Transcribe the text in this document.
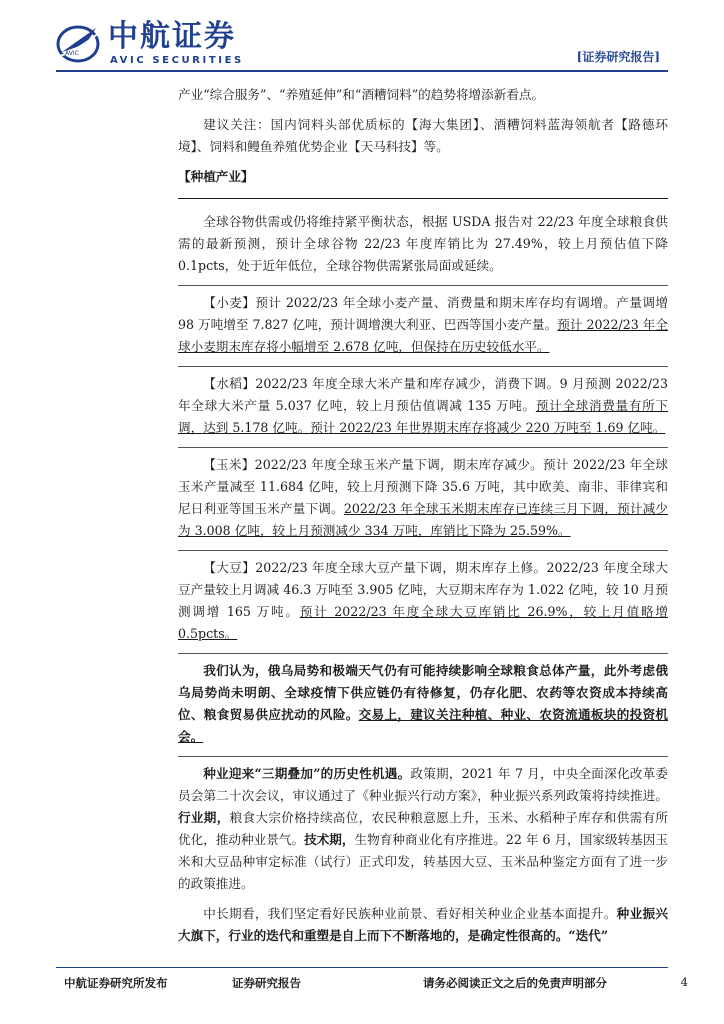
AVIC 中航证券
AVIC SECURITIES	[证券研究报告]

产业“综合服务”、“养殖延伸”和“酒糟饲料”的趋势将增添新看点。

建议关注：国内饲料头部优质标的【海大集团】、酒糟饲料蓝海领航者【路德环境】、饲料和鳗鱼养殖优势企业【天马科技】等。

【种植产业】

全球谷物供需或仍将维持紧平衡状态，根据 USDA 报告对 22/23 年度全球粮食供需的最新预测，预计全球谷物 22/23 年度库销比为 27.49%，较上月预估值下降 0.1pcts，处于近年低位，全球谷物供需紧张局面或延续。

【小麦】预计 2022/23 年全球小麦产量、消费量和期末库存均有调增。产量调增 98 万吨增至 7.827 亿吨，预计调增澳大利亚、巴西等国小麦产量。预计 2022/23 年全球小麦期末库存将小幅增至 2.678 亿吨，但保持在历史较低水平。

【水稻】2022/23 年度全球大米产量和库存减少，消费下调。9 月预测 2022/23 年全球大米产量 5.037 亿吨，较上月预估值调减 135 万吨。预计全球消费量有所下调，达到 5.178 亿吨。预计 2022/23 年世界期末库存将减少 220 万吨至 1.69 亿吨。

【玉米】2022/23 年度全球玉米产量下调，期末库存减少。预计 2022/23 年全球玉米产量减至 11.684 亿吨，较上月预测下降 35.6 万吨，其中欧美、南非、菲律宾和尼日利亚等国玉米产量下调。2022/23 年全球玉米期末库存已连续三月下调，预计减少为 3.008 亿吨，较上月预测减少 334 万吨，库销比下降为 25.59%。

【大豆】2022/23 年度全球大豆产量下调，期末库存上修。2022/23 年度全球大豆产量较上月调减 46.3 万吨至 3.905 亿吨，大豆期末库存为 1.022 亿吨，较 10 月预测调增 165 万吨。预计 2022/23 年度全球大豆库销比 26.9%，较上月值略增 0.5pcts。

我们认为，俄乌局势和极端天气仍有可能持续影响全球粮食总体产量，此外考虑俄乌局势尚未明朗、全球疫情下供应链仍有待修复，仍存化肥、农药等农资成本持续高位、粮食贸易供应扰动的风险。交易上，建议关注种植、种业、农资流通板块的投资机会。

种业迎来“三期叠加”的历史性机遇。政策期，2021 年 7 月，中央全面深化改革委员会第二十次会议，审议通过了《种业振兴行动方案》，种业振兴系列政策将持续推进。行业期，粮食大宗价格持续高位，农民种粮意愿上升，玉米、水稻种子库存和供需有所优化，推动种业景气。技术期，生物育种商业化有序推进。22 年 6 月，国家级转基因玉米和大豆品种审定标准（试行）正式印发，转基因大豆、玉米品种鉴定方面有了进一步的政策推进。

中长期看，我们坚定看好民族种业前景、看好相关种业企业基本面提升。种业振兴大旗下，行业的迭代和重塑是自上而下不断落地的，是确定性很高的。“迭代”

中航证券研究所发布	证券研究报告	请务必阅读正文之后的免责声明部分	4
